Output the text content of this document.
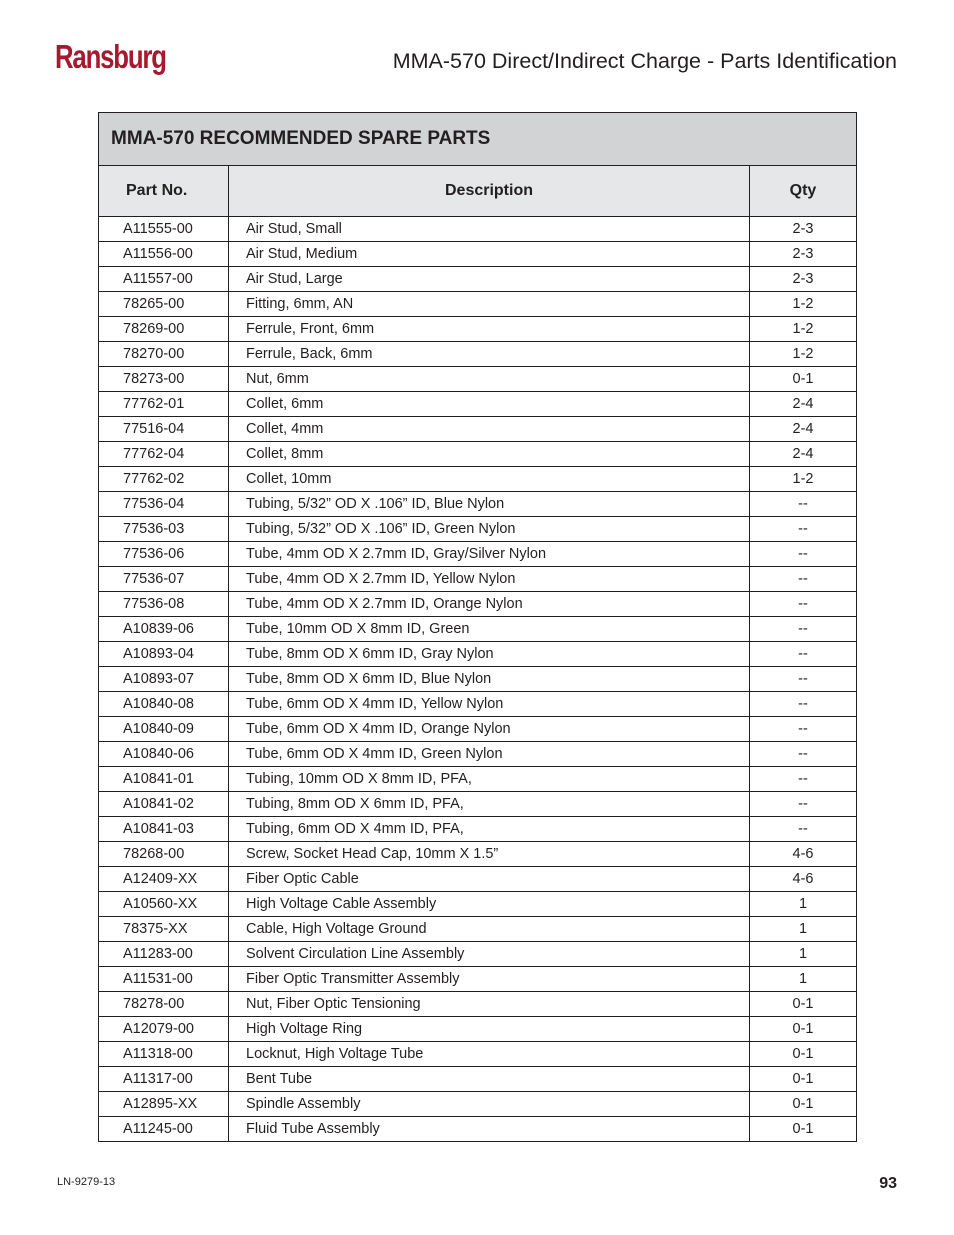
Ransburg	MMA-570 Direct/Indirect Charge - Parts Identification
MMA-570 RECOMMENDED SPARE PARTS		
Part No.	Description	Qty
A11555-00	Air Stud, Small	2-3
A11556-00	Air Stud, Medium	2-3
A11557-00	Air Stud, Large	2-3
78265-00	Fitting, 6mm, AN	1-2
78269-00	Ferrule, Front, 6mm	1-2
78270-00	Ferrule, Back, 6mm	1-2
78273-00	Nut, 6mm	0-1
77762-01	Collet, 6mm	2-4
77516-04	Collet, 4mm	2-4
77762-04	Collet, 8mm	2-4
77762-02	Collet, 10mm	1-2
77536-04	Tubing, 5/32” OD X .106” ID, Blue Nylon	--
77536-03	Tubing, 5/32” OD X .106” ID, Green Nylon	--
77536-06	Tube, 4mm OD X 2.7mm ID, Gray/Silver Nylon	--
77536-07	Tube, 4mm OD X 2.7mm ID, Yellow Nylon	--
77536-08	Tube, 4mm OD X 2.7mm ID, Orange Nylon	--
A10839-06	Tube, 10mm OD X 8mm ID, Green	--
A10893-04	Tube, 8mm OD X 6mm ID, Gray Nylon	--
A10893-07	Tube, 8mm OD X 6mm ID, Blue Nylon	--
A10840-08	Tube, 6mm OD X 4mm ID, Yellow Nylon	--
A10840-09	Tube, 6mm OD X 4mm ID, Orange Nylon	--
A10840-06	Tube, 6mm OD X 4mm ID, Green Nylon	--
A10841-01	Tubing, 10mm OD X 8mm ID, PFA,	--
A10841-02	Tubing, 8mm OD X 6mm ID, PFA,	--
A10841-03	Tubing, 6mm OD X 4mm ID, PFA,	--
78268-00	Screw, Socket Head Cap, 10mm X 1.5”	4-6
A12409-XX	Fiber Optic Cable	4-6
A10560-XX	High Voltage Cable Assembly	1
78375-XX	Cable, High Voltage Ground	1
A11283-00	Solvent Circulation Line Assembly	1
A11531-00	Fiber Optic Transmitter Assembly	1
78278-00	Nut, Fiber Optic Tensioning	0-1
A12079-00	High Voltage Ring	0-1
A11318-00	Locknut, High Voltage Tube	0-1
A11317-00	Bent Tube	0-1
A12895-XX	Spindle Assembly	0-1
A11245-00	Fluid Tube Assembly	0-1
LN-9279-13	93
